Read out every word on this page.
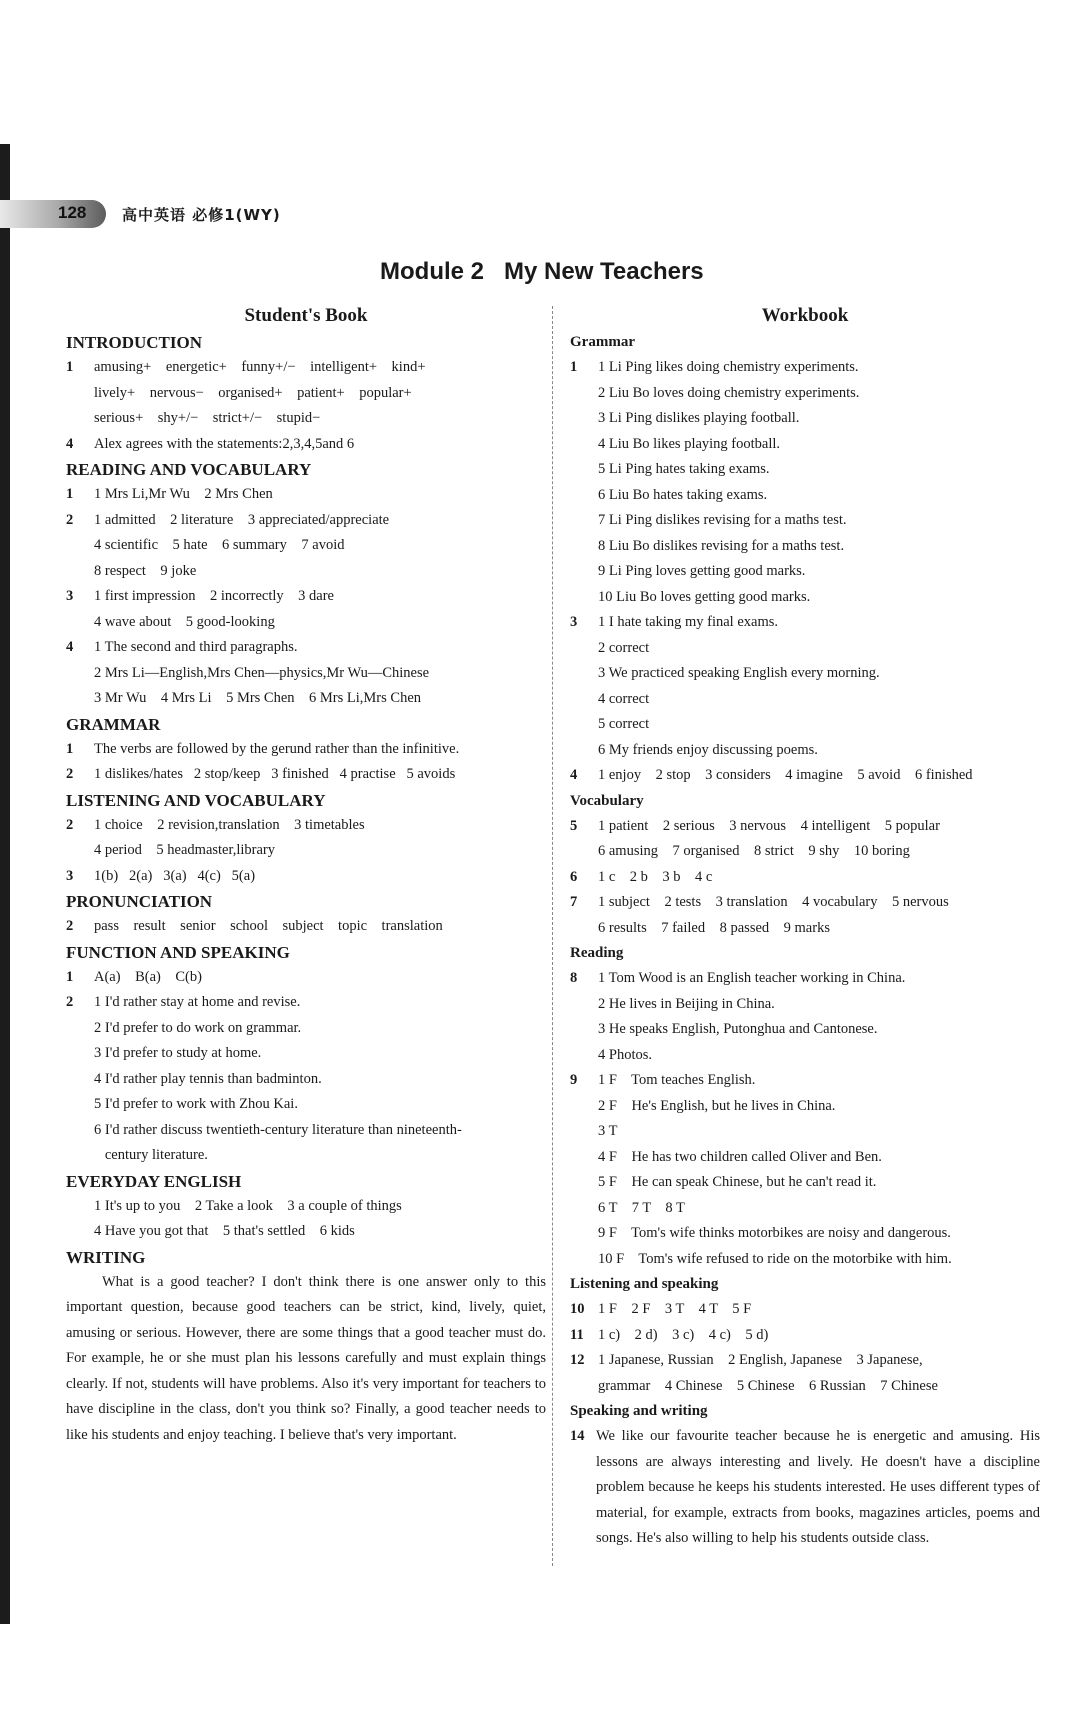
128 高中英语 必修1(WY)
Module 2   My New Teachers
Student's Book
INTRODUCTION
1	amusing+    energetic+    funny+/−    intelligent+    kind+
lively+    nervous−    organised+    patient+    popular+
serious+    shy+/−    strict+/−    stupid−
4	Alex agrees with the statements:2,3,4,5and 6
READING AND VOCABULARY
1	1 Mrs Li,Mr Wu    2 Mrs Chen
2	1 admitted    2 literature    3 appreciated/appreciate
4 scientific    5 hate    6 summary    7 avoid
8 respect    9 joke
3	1 first impression    2 incorrectly    3 dare
4 wave about    5 good-looking
4	1 The second and third paragraphs.
2 Mrs Li—English,Mrs Chen—physics,Mr Wu—Chinese
3 Mr Wu    4 Mrs Li    5 Mrs Chen    6 Mrs Li,Mrs Chen
GRAMMAR
1	The verbs are followed by the gerund rather than the infinitive.
2	1 dislikes/hates   2 stop/keep   3 finished   4 practise   5 avoids
LISTENING AND VOCABULARY
2	1 choice    2 revision,translation    3 timetables
4 period    5 headmaster,library
3	1(b)   2(a)   3(a)   4(c)   5(a)
PRONUNCIATION
2	pass    result    senior    school    subject    topic    translation
FUNCTION AND SPEAKING
1	A(a)    B(a)    C(b)
2	1 I'd rather stay at home and revise.
2 I'd prefer to do work on grammar.
3 I'd prefer to study at home.
4 I'd rather play tennis than badminton.
5 I'd prefer to work with Zhou Kai.
6 I'd rather discuss twentieth-century literature than nineteenth-
century literature.
EVERYDAY ENGLISH
1 It's up to you    2 Take a look    3 a couple of things
4 Have you got that    5 that's settled    6 kids
WRITING
What is a good teacher? I don't think there is one answer only to this important question, because good teachers can be strict, kind, lively, quiet, amusing or serious. However, there are some things that a good teacher must do. For example, he or she must plan his lessons carefully and must explain things clearly. If not, students will have problems. Also it's very important for teachers to have discipline in the class, don't you think so? Finally, a good teacher needs to like his students and enjoy teaching. I believe that's very important.
Workbook
Grammar
1	1 Li Ping likes doing chemistry experiments.
2 Liu Bo loves doing chemistry experiments.
3 Li Ping dislikes playing football.
4 Liu Bo likes playing football.
5 Li Ping hates taking exams.
6 Liu Bo hates taking exams.
7 Li Ping dislikes revising for a maths test.
8 Liu Bo dislikes revising for a maths test.
9 Li Ping loves getting good marks.
10 Liu Bo loves getting good marks.
3	1 I hate taking my final exams.
2 correct
3 We practiced speaking English every morning.
4 correct
5 correct
6 My friends enjoy discussing poems.
4	1 enjoy    2 stop    3 considers    4 imagine    5 avoid    6 finished
Vocabulary
5	1 patient    2 serious    3 nervous    4 intelligent    5 popular
6 amusing    7 organised    8 strict    9 shy    10 boring
6	1 c    2 b    3 b    4 c
7	1 subject    2 tests    3 translation    4 vocabulary    5 nervous
6 results    7 failed    8 passed    9 marks
Reading
8	1 Tom Wood is an English teacher working in China.
2 He lives in Beijing in China.
3 He speaks English, Putonghua and Cantonese.
4 Photos.
9	1 F    Tom teaches English.
2 F    He's English, but he lives in China.
3 T
4 F    He has two children called Oliver and Ben.
5 F    He can speak Chinese, but he can't read it.
6 T    7 T    8 T
9 F    Tom's wife thinks motorbikes are noisy and dangerous.
10 F    Tom's wife refused to ride on the motorbike with him.
Listening and speaking
10 1 F    2 F    3 T    4 T    5 F
11 1 c)    2 d)    3 c)    4 c)    5 d)
12 1 Japanese, Russian    2 English, Japanese    3 Japanese,
grammar    4 Chinese    5 Chinese    6 Russian    7 Chinese
Speaking and writing
14 We like our favourite teacher because he is energetic and amusing. His lessons are always interesting and lively. He doesn't have a discipline problem because he keeps his students interested. He uses different types of material, for example, extracts from books, magazines articles, poems and songs. He's also willing to help his students outside class.
